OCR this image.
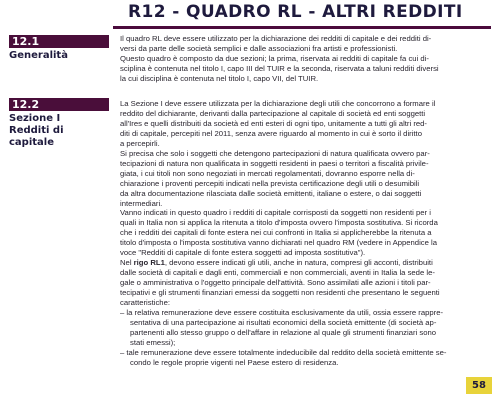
R12 - QUADRO RL - ALTRI REDDITI
12.1
Generalità
12.2
Sezione I
Redditi di capitale

Il quadro RL deve essere utilizzato per la dichiarazione dei redditi di capitale e dei redditi di-

versi da parte delle società semplici e dalle associazioni fra artisti e professionisti.

Questo quadro è composto da due sezioni; la prima, riservata ai redditi di capitale fa cui di-

sciplina è contenuta nel titolo I, capo III del TUIR e la seconda, riservata a taluni redditi diversi

la cui disciplina è contenuta nel titolo I, capo VII, del TUIR.

La Sezione I deve essere utilizzata per la dichiarazione degli utili che concorrono a formare il

reddito del dichiarante, derivanti dalla partecipazione al capitale di società ed enti soggetti

all'Ires e quelli distribuiti da società ed enti esteri di ogni tipo, unitamente a tutti gli altri red-

diti di capitale, percepiti nel 2011, senza avere riguardo al momento in cui è sorto il diritto

a percepirli.

Si precisa che solo i soggetti che detengono partecipazioni di natura qualificata ovvero par-

tecipazioni di natura non qualificata in soggetti residenti in paesi o territori a fiscalità privile-

giata, i cui titoli non sono negoziati in mercati regolamentati, dovranno esporre nella di-

chiarazione i proventi percepiti indicati nella prevista certificazione degli utili o desumibili

da altra documentazione rilasciata dalle società emittenti, italiane o estere, o dai soggetti

intermediari.

Vanno indicati in questo quadro i redditi di capitale corrisposti da soggetti non residenti per i

quali in Italia non si applica la ritenuta a titolo d'imposta ovvero l'imposta sostitutiva. Si ricorda

che i redditi dei capitali di fonte estera nei cui confronti in Italia si applicherebbe la ritenuta a

titolo d'imposta o l'imposta sostitutiva vanno dichiarati nel quadro RM (vedere in Appendice la

voce "Redditi di capitale di fonte estera soggetti ad imposta sostitutiva").

Nel rigo RL1, devono essere indicati gli utili, anche in natura, compresi gli acconti, distribuiti

dalle società di capitali e dagli enti, commerciali e non commerciali, aventi in Italia la sede le-

gale o amministrativa o l'oggetto principale dell'attività. Sono assimilati alle azioni i titoli par-

tecipativi e gli strumenti finanziari emessi da soggetti non residenti che presentano le seguenti

caratteristiche:

– la relativa remunerazione deve essere costituita esclusivamente da utili, ossia essere rappre-

sentativa di una partecipazione ai risultati economici della società emittente (di società ap-

partenenti allo stesso gruppo o dell'affare in relazione al quale gli strumenti finanziari sono

stati emessi);

– tale remunerazione deve essere totalmente indeducibile dal reddito della società emittente se-

condo le regole proprie vigenti nel Paese estero di residenza.

58
